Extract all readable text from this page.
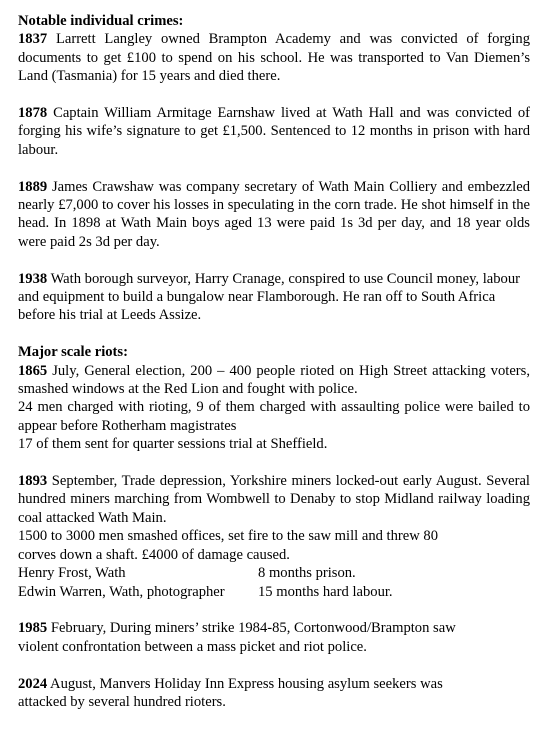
Notable individual crimes:

1837 Larrett Langley owned Brampton Academy and was convicted of forging documents to get £100 to spend on his school. He was transported to Van Diemen’s Land (Tasmania) for 15 years and died there.

1878 Captain William Armitage Earnshaw lived at Wath Hall and was convicted of forging his wife’s signature to get £1,500. Sentenced to 12 months in prison with hard labour.

1889 James Crawshaw was company secretary of Wath Main Colliery and embezzled nearly £7,000 to cover his losses in speculating in the corn trade. He shot himself in the head. In 1898 at Wath Main boys aged 13 were paid 1s 3d per day, and 18 year olds were paid 2s 3d per day.

1938 Wath borough surveyor, Harry Cranage, conspired to use Council money, labour and equipment to build a bungalow near Flamborough. He ran off to South Africa before his trial at Leeds Assize.

Major scale riots:

1865 July, General election, 200 – 400 people rioted on High Street attacking voters, smashed windows at the Red Lion and fought with police.

24 men charged with rioting, 9 of them charged with assaulting police were bailed to appear before Rotherham magistrates

17 of them sent for quarter sessions trial at Sheffield.

1893 September, Trade depression, Yorkshire miners locked-out early August. Several hundred miners marching from Wombwell to Denaby to stop Midland railway loading coal attacked Wath Main.

1500 to 3000 men smashed offices, set fire to the saw mill and threw 80
corves down a shaft. £4000 of damage caused.
Henry Frost, Wath	8 months prison.
Edwin Warren, Wath, photographer	15 months hard labour.
1985 February, During miners’ strike 1984-85, Cortonwood/Brampton saw
violent confrontation between a mass picket and riot police.
2024 August, Manvers Holiday Inn Express housing asylum seekers was
attacked by several hundred rioters.
